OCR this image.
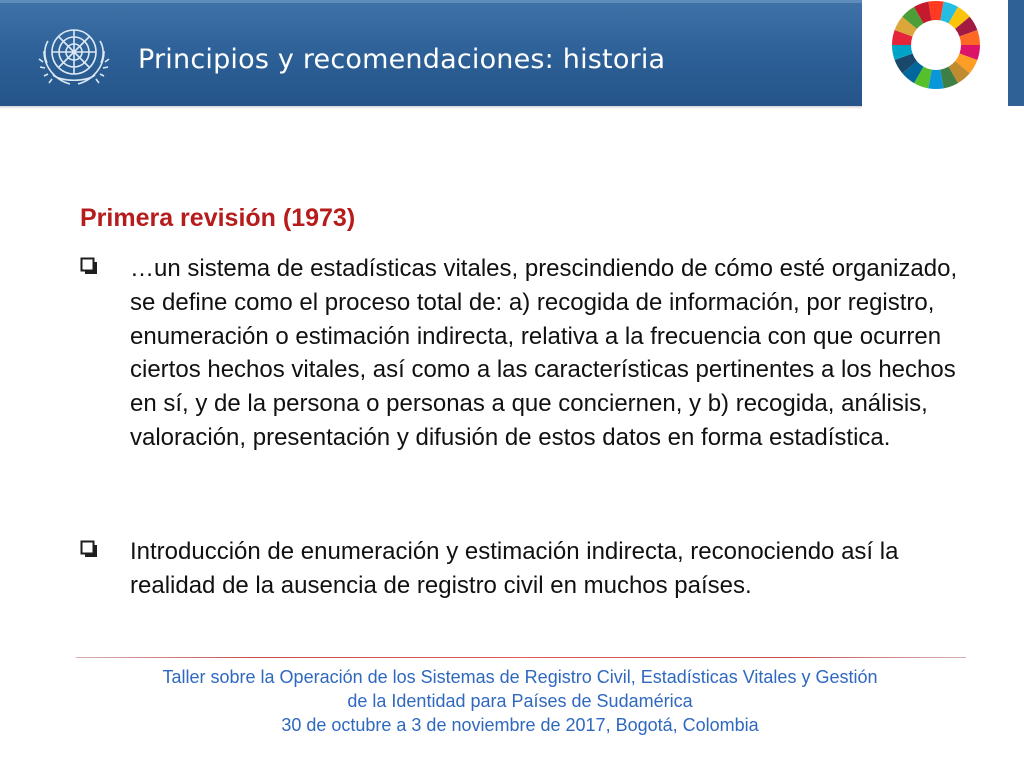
Principios y recomendaciones: historia
Primera revisión (1973)
…un sistema de estadísticas vitales, prescindiendo de cómo esté organizado, se define como el proceso total de: a) recogida de información, por registro, enumeración o estimación indirecta, relativa a la frecuencia con que ocurren ciertos hechos vitales, así como a las características pertinentes a los hechos en sí, y de la persona o personas a que conciernen, y b) recogida, análisis, valoración, presentación y difusión de estos datos en forma estadística.
Introducción de enumeración y estimación indirecta, reconociendo así la realidad de la ausencia de registro civil en muchos países.
Taller sobre la Operación de los Sistemas de Registro Civil, Estadísticas Vitales y Gestión
de la Identidad para Países de Sudamérica
30 de octubre a 3 de noviembre de 2017, Bogotá, Colombia
